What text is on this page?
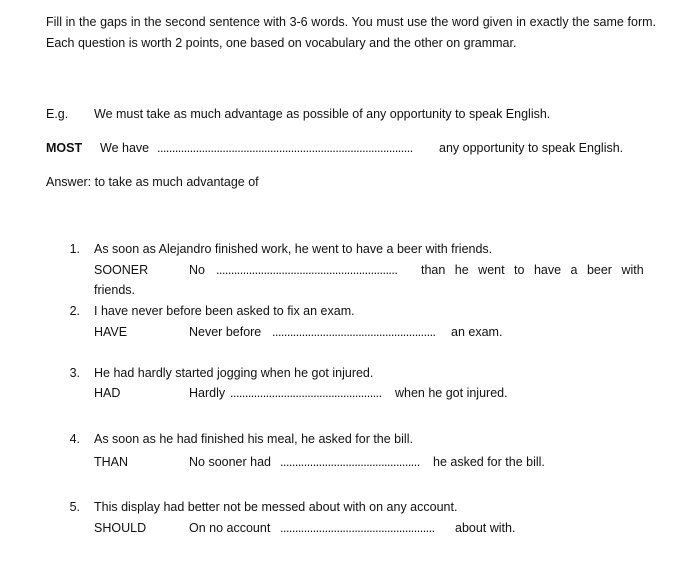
Fill in the gaps in the second sentence with 3-6 words. You must use the word given in exactly the same form. Each question is worth 2 points, one based on vocabulary and the other on grammar.
E.g. We must take as much advantage as possible of any opportunity to speak English.
MOST We have ...................................................................................... any opportunity to speak English.
Answer: to take as much advantage of
1. As soon as Alejandro finished work, he went to have a beer with friends.
SOONER	No ............................................................. than he went to have a beer with
friends.
2. I have never before been asked to fix an exam.
HAVE	Never before ....................................................... an exam.
3. He had hardly started jogging when he got injured.
HAD	Hardly ................................................... when he got injured.
4. As soon as he had finished his meal, he asked for the bill.
THAN	No sooner had ............................................... he asked for the bill.
5. This display had better not be messed about with on any account.
SHOULD	On no account .................................................... about with.
